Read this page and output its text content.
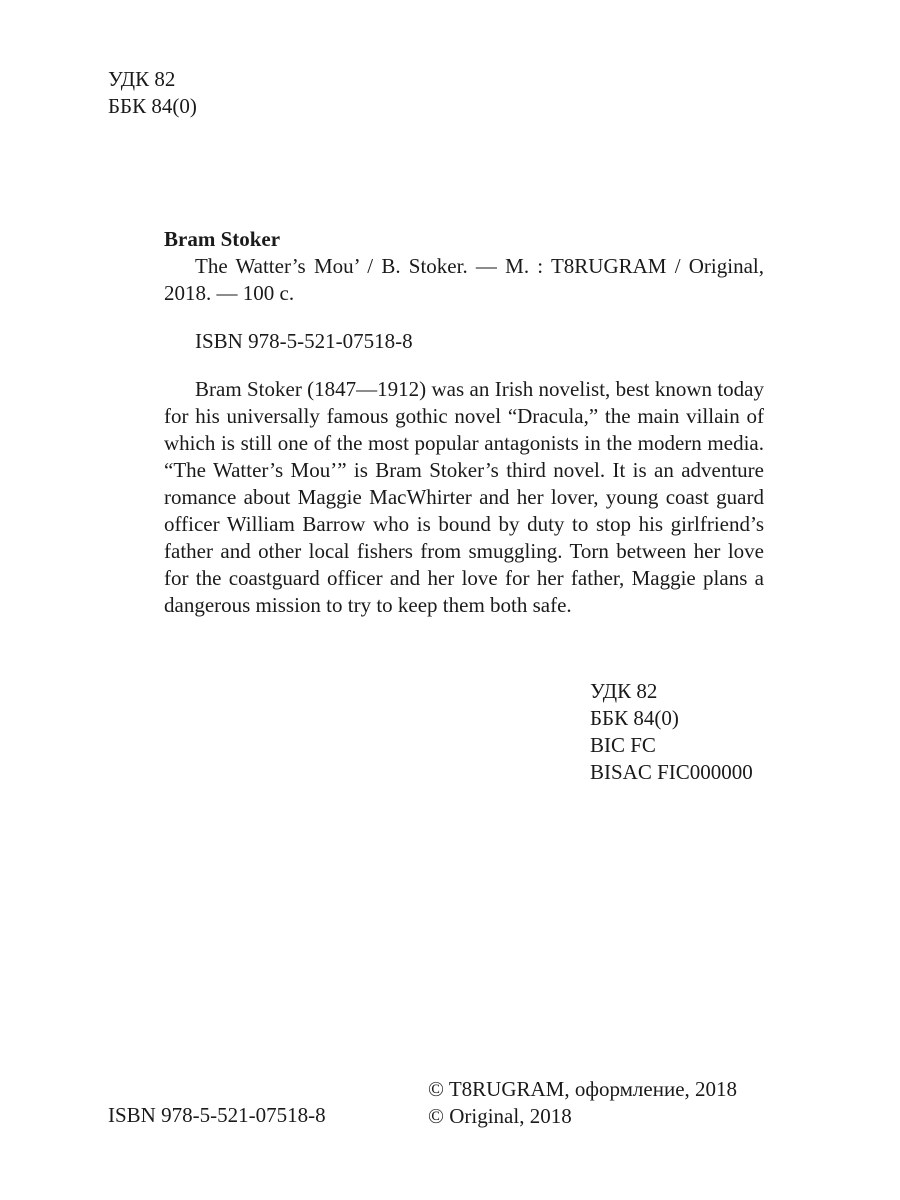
УДК 82
ББК 84(0)

Bram Stoker

The Watter’s Mou’ / B. Stoker. — M. : T8RUGRAM / Original, 2018. — 100 с.

ISBN 978-5-521-07518-8

Bram Stoker (1847—1912) was an Irish novelist, best known today for his universally famous gothic novel “Dracula,” the main villain of which is still one of the most popular antagonists in the modern media. “The Watter’s Mou’” is Bram Stoker’s third novel. It is an adventure romance about Maggie MacWhirter and her lover, young coast guard officer William Barrow who is bound by duty to stop his girlfriend’s father and other local fishers from smuggling. Torn between her love for the coastguard officer and her love for her father, Maggie plans a dangerous mission to try to keep them both safe.

УДК 82
ББК 84(0)
BIC FC
BISAC FIC000000
ISBN 978-5-521-07518-8
© T8RUGRAM, оформление, 2018
© Original, 2018
